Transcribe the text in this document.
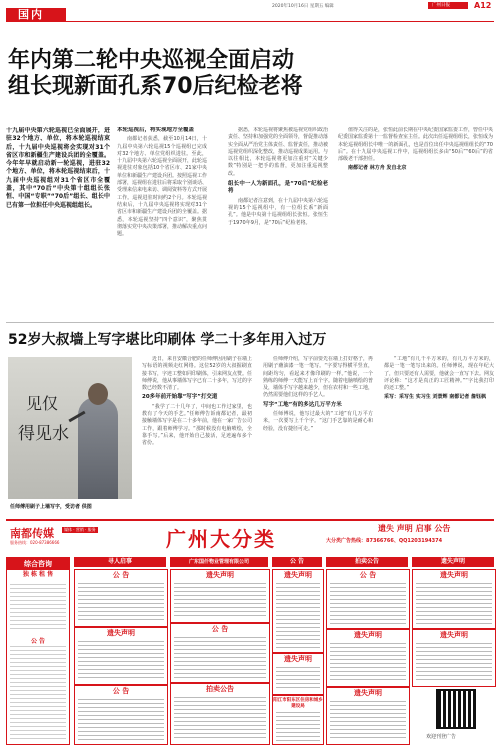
国内
2020年10月16日 星期五 编辑	广州日报	A12
年内第二轮中央巡视全面启动
组长现新面孔系70后纪检老将
十九届中央第六轮巡视已全面展开，进驻32个地方、单位，将本轮巡视结束后，十九届中央巡视将会实现对31个省区市和新疆生产建设兵团的全覆盖。今年年早就启动新一轮巡视，进驻32个地方、单位，将本轮巡视结束后，十九届中央巡视组对31个省区市全覆盖，其中“70后”中央第十组组长张恒、中国“专职”“70后”组长、组长中已有第一位担任中央巡视组组长。
本轮巡视后，将实现地方全覆盖

南都记者获悉，截至10月14日，十九届中央第六轮巡视15个巡视组已完成对32个地方、单位党组织进驻。至此，十九届中央第六轮巡视全面展开，此轮巡视进驻对象包括10个省区市、21家中央单位和新疆生产建设兵团。按照巡视工作部署，巡视组在进驻后将采取个别谈话、受理来信来电来访、调阅资料等方式开展工作。巡视进驻时间约2个月。本轮巡视结束后，十九届中央巡视将实现对31个省区市和新疆生产建设兵团的全覆盖。据悉，本轮巡视坚持“四个意识”，聚焦贯彻落实党中央决策部署，推动解决重点问题。

据悉，本轮巡视将聚焦被巡视党组织政治责任、坚持和加强党的全面领导，督促推动落实全面从严治党主体责任、监督责任，推动被巡视党组织深化整改，推动巡视成果运用。与以往相比，本轮巡视将更加注重对“关键少数”特别是一把手的监督，更加注重巡视整改。

组长中一人为新面孔，是“70后”纪检老将

南都记者注意到，在十九届中央第六轮巡视的15个巡视组中，有一位组长系“新面孔”。他是中央第十巡视组组长张恒。张恒生于1970年9月，是“70后”纪检老将。

值得关注的是，张恒此前长期在中央纪委国家监委工作，曾任中央纪委国家监委第十一监督检查室主任。此次出任巡视组组长，张恒成为本轮巡视组组长中唯一的新面孔，也是首位出任中央巡视组组长的“70后”。在十九届中央巡视工作中，巡视组组长多由“50后”“60后”的省部级老干部担任。

南都记者 林方舟 发自北京
52岁大叔墙上写字堪比印刷体 学二十多年用入过万
见仅
得见水
任师傅用刷子上墙写字，受访者 供图

近日，来自安徽合肥的任师傅因用刷子在墙上写标语的视频走红网络。这位52岁的大叔握刷直接书写，字迹工整如同印刷体，引来网友点赞。任师傅说，他从事墙体写字已有二十多年，写过的字数已经数不清了。

20多年前开始靠“写字”打交道

“我学了二十几年了，中间也工作过家里，也教有了今天的手艺。”任师傅告诉南都记者，最初接触墙体写字是在二十多年前，他在一家广告公司工作，跟着师傅学习。“那时候没有电脑喷绘，全靠手写。”后来，他开始自己接活，足迹遍布多个省份。

任师傅介绍，写字前要先在墙上打好格子，再用刷子蘸油漆一笔一笔写。“字要写得横平竖直，间距均匀，看起来才像印刷的一样。”他说，一个熟练的师傅一天能写上百个字。随着电脑喷绘的普及，墙体手写字越来越少，但在农村和一些工地，仍然需要他们这样的手艺人。

写字“工地”有的多达几万平方米

任师傅说，他写过最大的“工地”有几万平方米，一次要写上千个字。“这门手艺靠的是耐心和经验，没有捷径可走。”

“工地”有几千平方米的，有几万平方米的，都是一笔一笔写出来的。任师傅说，现在年纪大了，但只要还有人需要，他就会一直写下去。网友评论称：“这才是真正的工匠精神。”“字比我打印的还工整。”

采写：采写生 实习生 刘景辉 南都记者 詹钰枫
南都传媒	媒体 · 营销 · 服务
服务热线：020-87386666	广州大分类	遗失 声明 启事 公告
大分类广告热线：87366766、QQ1203194374
综合咨询
独 栋 租 售
公 告
寻人启事	广东国仟物业管理有限公司	公 告	拍卖公告	遗失声明
公 告
遗失声明
公 告
遗失声明
公 告
拍卖公告
遗失声明
遗失声明
阳江市阳东区住房和城乡建设局
公 告
遗失声明
遗失声明
遗失声明
遗失声明
欢迎刊登广告
